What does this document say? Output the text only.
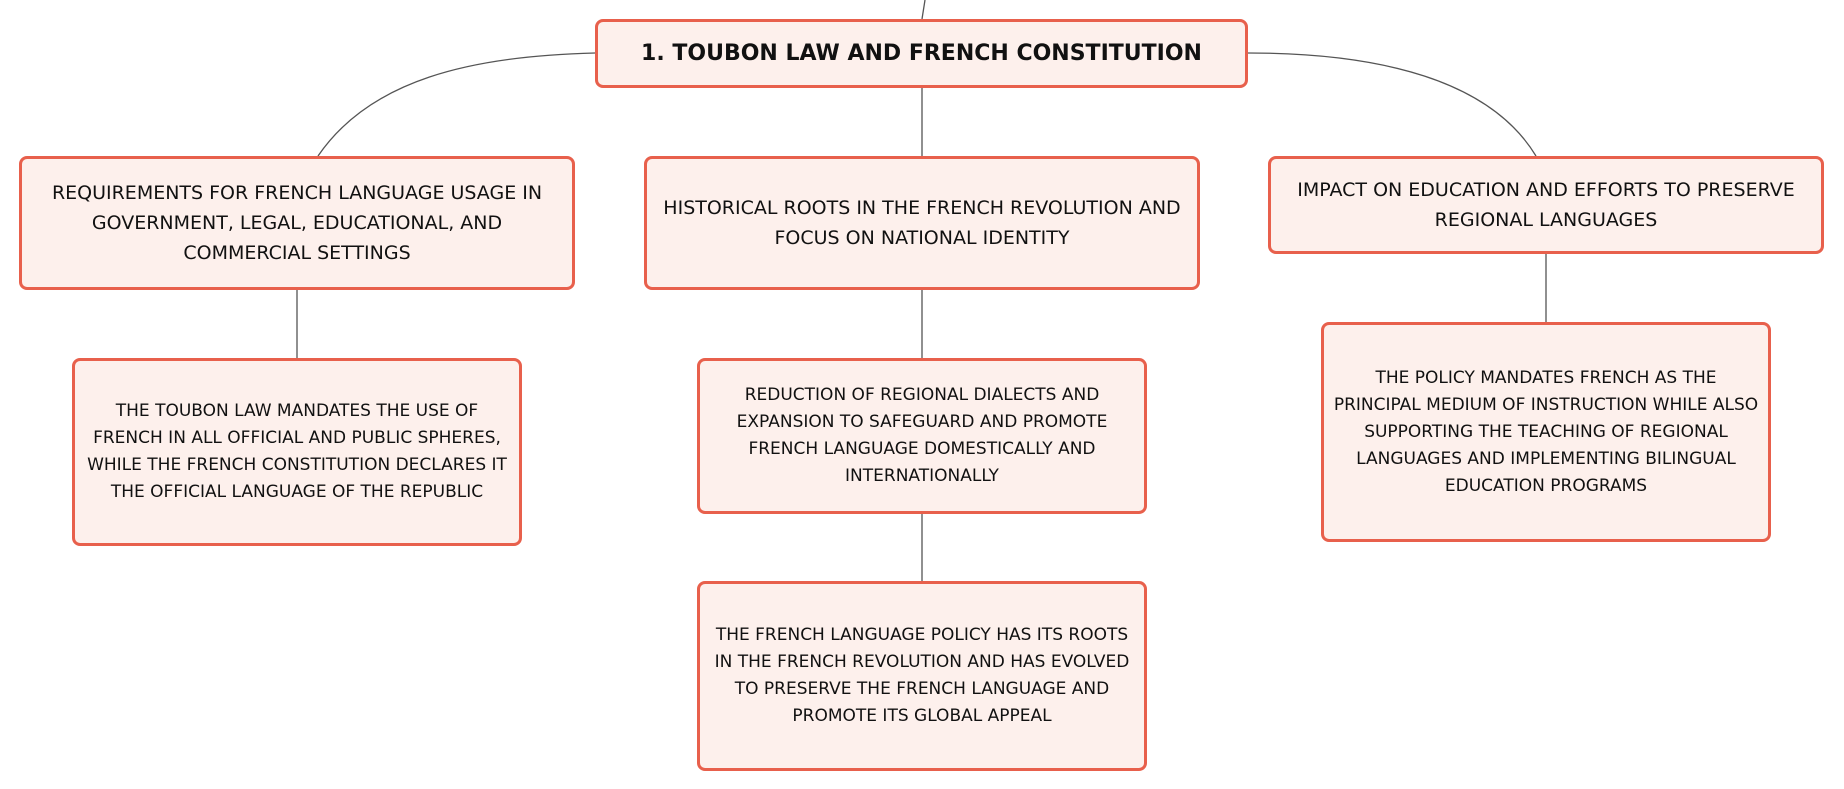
1. TOUBON LAW AND FRENCH CONSTITUTION
REQUIREMENTS FOR FRENCH LANGUAGE USAGE IN GOVERNMENT, LEGAL, EDUCATIONAL, AND COMMERCIAL SETTINGS
HISTORICAL ROOTS IN THE FRENCH REVOLUTION AND FOCUS ON NATIONAL IDENTITY
IMPACT ON EDUCATION AND EFFORTS TO PRESERVE REGIONAL LANGUAGES
THE TOUBON LAW MANDATES THE USE OF FRENCH IN ALL OFFICIAL AND PUBLIC SPHERES, WHILE THE FRENCH CONSTITUTION DECLARES IT THE OFFICIAL LANGUAGE OF THE REPUBLIC
REDUCTION OF REGIONAL DIALECTS AND EXPANSION TO SAFEGUARD AND PROMOTE FRENCH LANGUAGE DOMESTICALLY AND INTERNATIONALLY
THE FRENCH LANGUAGE POLICY HAS ITS ROOTS IN THE FRENCH REVOLUTION AND HAS EVOLVED TO PRESERVE THE FRENCH LANGUAGE AND PROMOTE ITS GLOBAL APPEAL
THE POLICY MANDATES FRENCH AS THE PRINCIPAL MEDIUM OF INSTRUCTION WHILE ALSO SUPPORTING THE TEACHING OF REGIONAL LANGUAGES AND IMPLEMENTING BILINGUAL EDUCATION PROGRAMS
